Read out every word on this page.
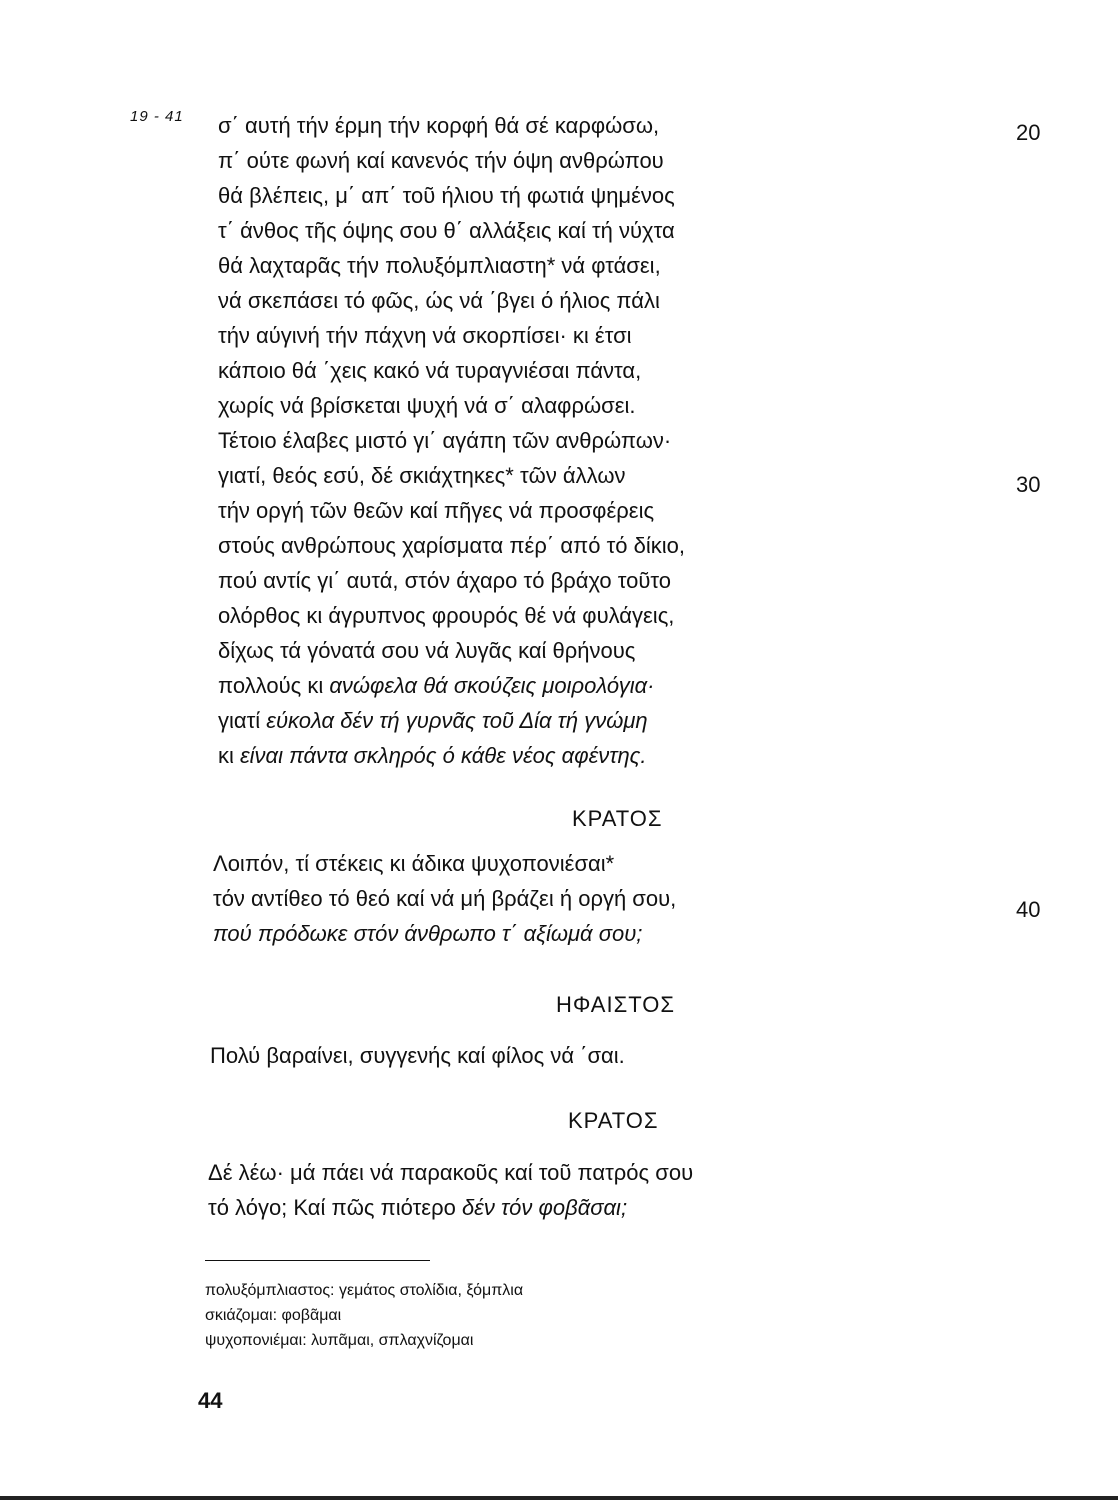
19 - 41 σ΄ αυτή τήν έρμη τήν κορφή θά σέ καρφώσω,
π΄ ούτε φωνή καί κανενός τήν όψη ανθρώπου
θά βλέπεις, μ΄ απ΄ τοῦ ήλιου τή φωτιά ψημένος
τ΄ άνθος τῆς όψης σου θ΄ αλλάξεις καί τή νύχτα
θά λαχταρᾶς τήν πολυξόμπλιαστη* νά φτάσει,
νά σκεπάσει τό φῶς, ώς νά ΄βγει ό ήλιος πάλι
τήν αύγινή τήν πάχνη νά σκορπίσει· κι έτσι
κάποιο θά ΄χεις κακό νά τυραγνιέσαι πάντα,
χωρίς νά βρίσκεται ψυχή νά σ΄ αλαφρώσει.
Τέτοιο έλαβες μιστό γι΄ αγάπη τῶν ανθρώπων·
γιατί, θεός εσύ, δέ σκιάχτηκες* τῶν άλλων
τήν οργή τῶν θεῶν καί πῆγες νά προσφέρεις
στούς ανθρώπους χαρίσματα πέρ΄ από τό δίκιο,
πού αντίς γι΄ αυτά, στόν άχαρο τό βράχο τοῦτο
ολόρθος κι άγρυπνος φρουρός θέ νά φυλάγεις,
δίχως τά γόνατά σου νά λυγᾶς καί θρήνους
πολλούς κι ανώφελα θά σκούζεις μοιρολόγια·
γιατί εύκολα δέν τή γυρνᾶς τοῦ Δία τή γνώμη
κι είναι πάντα σκληρός ό κάθε νέος αφέντης.
20
30
40
ΚΡΑΤΟΣ
Λοιπόν, τί στέκεις κι άδικα ψυχοπονιέσαι*
τόν αντίθεο τό θεό καί νά μή βράζει ή οργή σου,
πού πρόδωκε στόν άνθρωπο τ΄ αξίωμά σου;
ΗΦΑΙΣΤΟΣ
Πολύ βαραίνει, συγγενής καί φίλος νά ΄σαι.
ΚΡΑΤΟΣ
Δέ λέω· μά πάει νά παρακοῦς καί τοῦ πατρός σου
τό λόγο; Καί πῶς πιότερο δέν τόν φοβᾶσαι;
πολυξόμπλιαστος: γεμάτος στολίδια, ξόμπλια
σκιάζομαι: φοβᾶμαι
ψυχοπονιέμαι: λυπᾶμαι, σπλαχνίζομαι
44
